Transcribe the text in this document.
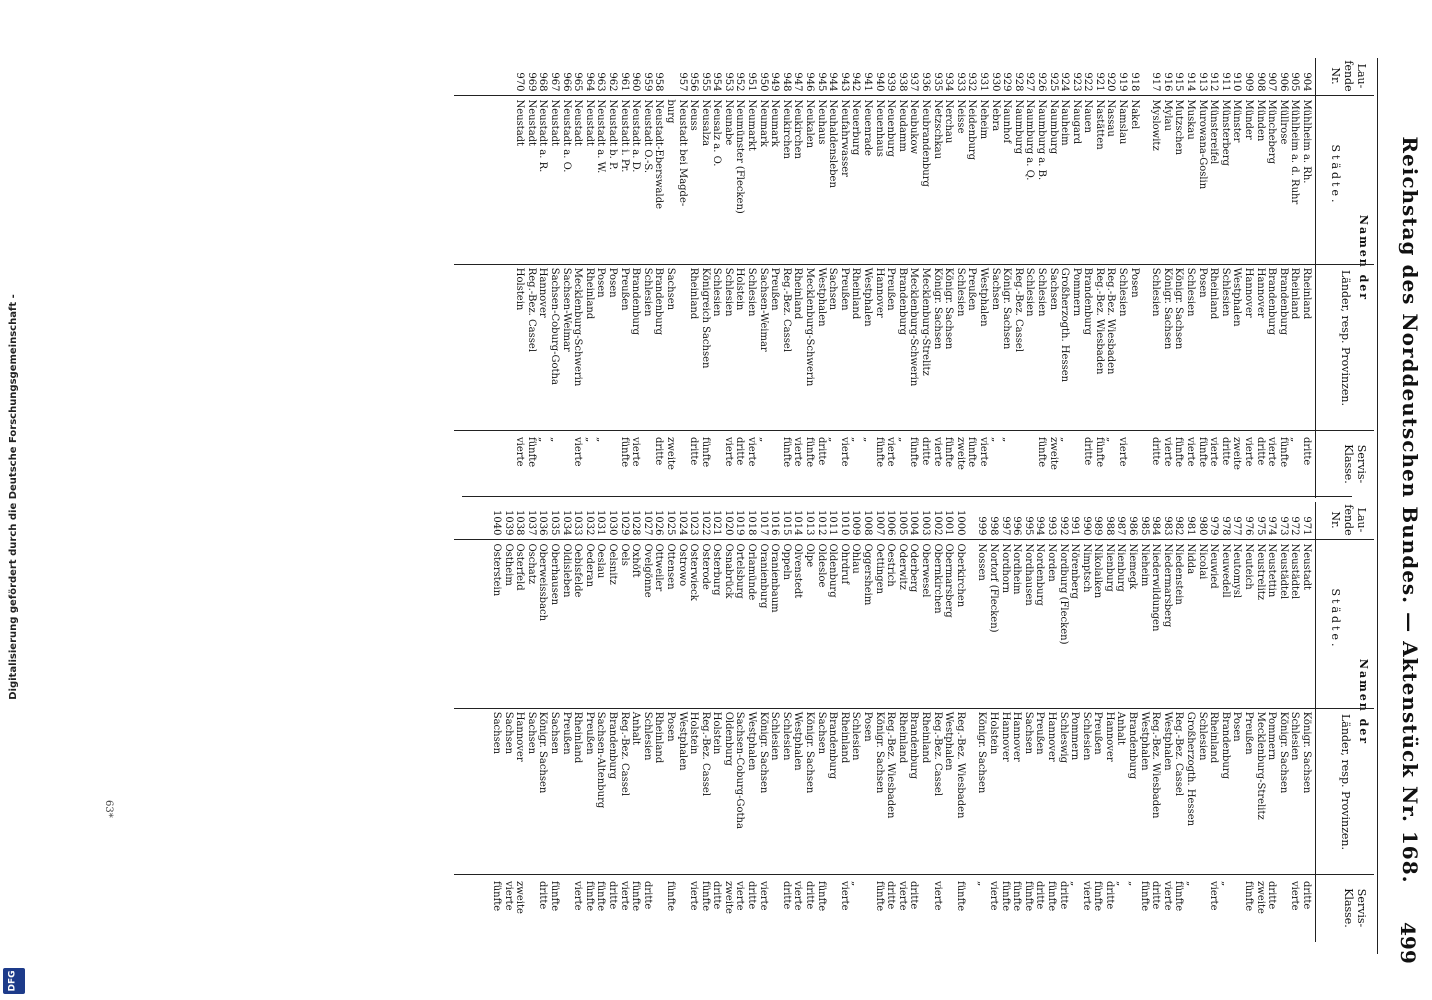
Digitalisierung gefördert durch die Deutsche Forschungsgemeinschaft -
DFG
Reichstag des Norddeutschen Bundes. — Aktenstück Nr. 168.
499
Lau- fende Nr.
Namen der
Städte.
Länder, resp. Provinzen.
Servis- Klasse.
904
Mühlheim a. Rh.
Rheinland
dritte
905
Mühlheim a. d. Ruhr
Rheinland
„
906
Müllrose
Brandenburg
fünfte
907
Müncheberg
Brandenburg
vierte
908
Münden
Hannover
dritte
909
Münder
Hannover
vierte
910
Münster
Westphalen
zweite
911
Münsterberg
Schlesien
dritte
912
Münstereifel
Rheinland
vierte
913
Murowana-Goslin
Posen
fünfte
914
Muskau
Schlesien
vierte
915
Mutzschen
Königr. Sachsen
fünfte
916
Mylau
Königr. Sachsen
vierte
917
Myslowitz
Schlesien
dritte
918
Nakel
Posen
919
Namslau
Schlesien
vierte
920
Nassau
Reg.-Bez. Wiesbaden
„
921
Nastätten
Reg.-Bez. Wiesbaden
fünfte
922
Nauen
Brandenburg
dritte
923
Naugard
Pommern
924
Nauheim
Großherzogth. Hessen
„
925
Naumburg
Sachsen
zweite
926
Naumburg a. B.
Schlesien
fünfte
927
Naumburg a. Q.
Schlesien
928
Naumburg
Reg.-Bez. Cassel
929
Naunhof
Königr. Sachsen
„
930
Nebra
Sachsen
„
931
Neheim
Westphalen
vierte
932
Neidenburg
Preußen
fünfte
933
Neisse
Schlesien
zweite
934
Nerchau
Königr. Sachsen
fünfte
935
Netzschkau
Königr. Sachsen
vierte
936
Neubrandenburg
Mecklenburg-Strelitz
dritte
937
Neubukow
Mecklenburg-Schwerin
fünfte
938
Neudamm
Brandenburg
„
939
Neuenburg
Preußen
vierte
940
Neuenhaus
Hannover
fünfte
941
Neuenrade
Westphalen
„
942
Neuerburg
Rheinland
„
943
Neufahrwasser
Preußen
vierte
944
Neuhaldensleben
Sachsen
„
945
Neuhaus
Westphalen
dritte
946
Neukalen
Mecklenburg-Schwerin
fünfte
947
Neukirchen
Rheinland
vierte
948
Neukirchen
Reg.-Bez. Cassel
fünfte
949
Neumark
Preußen
950
Neumark
Sachsen-Weimar
„
951
Neumarkt
Schlesien
vierte
952
Neumünster (Flecken)
Holstein
dritte
953
Neunabe
Schlesien
vierte
954
Neusalz a. O.
Schlesien
955
Neusalza
Königreich Sachsen
fünfte
956
Neuss
Rheinland
dritte
957
Neustadt bei Magde-
burg
Sachsen
zweite
958
Neustadt-Eberswalde
Brandenburg
dritte
959
Neustadt O.-S.
Schlesien
960
Neustadt a. D.
Brandenburg
vierte
961
Neustadt i. Pr.
Preußen
fünfte
962
Neustadt b. P.
Posen
963
Neustadt a. W.
Posen
„
964
Neustadt
Rheinland
„
965
Neustadt
Mecklenburg-Schwerin
vierte
966
Neustadt a. O.
Sachsen-Weimar
967
Neustadt
Sachsen-Coburg-Gotha
„
968
Neustadt a. R.
Hannover
„
969
Neustadt
Reg.-Bez. Cassel
fünfte
970
Neustadt
Holstein
vierte
Lau- fende Nr.
Namen der
Städte.
Länder, resp. Provinzen.
Servis- Klasse.
971
Neustadt
Königr. Sachsen
dritte
972
Neustädtel
Schlesien
vierte
973
Neustädtel
Königr. Sachsen
974
Neustettin
Pommern
dritte
975
Neustrelitz
Mecklenburg-Strelitz
zweite
976
Neuteich
Preußen
fünfte
977
Neutomysl
Posen
978
Neuwedell
Brandenburg
„
979
Neuwied
Rheinland
vierte
980
Nicolai
Schlesien
981
Nidda
Großherzogth. Hessen
„
982
Niedenstein
Reg.-Bez. Cassel
fünfte
983
Niedermarsberg
Westphalen
vierte
984
Niederwildungen
Reg.-Bez. Wiesbaden
dritte
985
Nieheim
Westphalen
fünfte
986
Niemegk
Brandenburg
„
987
Nienburg
Anhalt
„
988
Nienburg
Hannover
dritte
989
Nikolaiken
Preußen
fünfte
990
Nimptsch
Schlesien
vierte
991
Nörenberg
Pommern
„
992
Nordburg (Flecken)
Schleswig
dritte
993
Norden
Hannover
fünfte
994
Nordenburg
Preußen
dritte
995
Nordhausen
Sachsen
fünfte
996
Nordheim
Hannover
fünfte
997
Nordhorn
Hannover
fünfte
998
Nortorf (Flecken)
Holstein
vierte
999
Nossen
Königr. Sachsen
„
1000
Oberkirchen
Reg.-Bez. Wiesbaden
fünfte
1001
Obermarsberg
Westphalen
1002
Obernkirchen
Reg.-Bez. Cassel
vierte
1003
Oberwesel
Rheinland
1004
Oderberg
Brandenburg
dritte
1005
Oderwitz
Rheinland
vierte
1006
Oestrich
Reg.-Bez. Wiesbaden
dritte
1007
Oettingen
Königr. Sachsen
fünfte
1008
Oggersheim
Posen
1009
Ohlau
Schlesien
„
1010
Ohrdruf
Rheinland
vierte
1011
Oldenburg
Brandenburg
1012
Oldesloe
Sachsen
fünfte
1013
Olpe
Königr. Sachsen
dritte
1014
Olvenstedt
Westphalen
vierte
1015
Oppeln
Schlesien
dritte
1016
Oranienbaum
Schlesien
1017
Oranienburg
Königr. Sachsen
vierte
1018
Orlamünde
Westphalen
dritte
1019
Ortelsburg
Sachsen-Coburg-Gotha
vierte
1020
Osnabrück
Oldenburg
zweite
1021
Osterburg
Holstein
dritte
1022
Osterode
Reg.-Bez. Cassel
fünfte
1023
Osterwieck
Holstein
vierte
1024
Ostrowo
Westphalen
1025
Ottensen
Posen
fünfte
1026
Ottweiler
Rheinland
1027
Ovelgönne
Schlesien
dritte
1028
Oxhöft
Anhalt
fünfte
1029
Oels
Reg.-Bez. Cassel
vierte
1030
Oelsnitz
Brandenburg
dritte
1031
Oeslau
Sachsen-Altenburg
fünfte
1032
Oederan
Preußen
fünfte
1033
Oebisfelde
Rheinland
vierte
1034
Oldisleben
Preußen
1035
Oberhausen
Sachsen
fünfte
1036
Oberweissbach
Königr. Sachsen
dritte
1037
Oschatz
Sachsen
1038
Osterfeld
Hannover
zweite
1039
Ostheim
Sachsen
vierte
1040
Osterstein
Sachsen
fünfte
63*
